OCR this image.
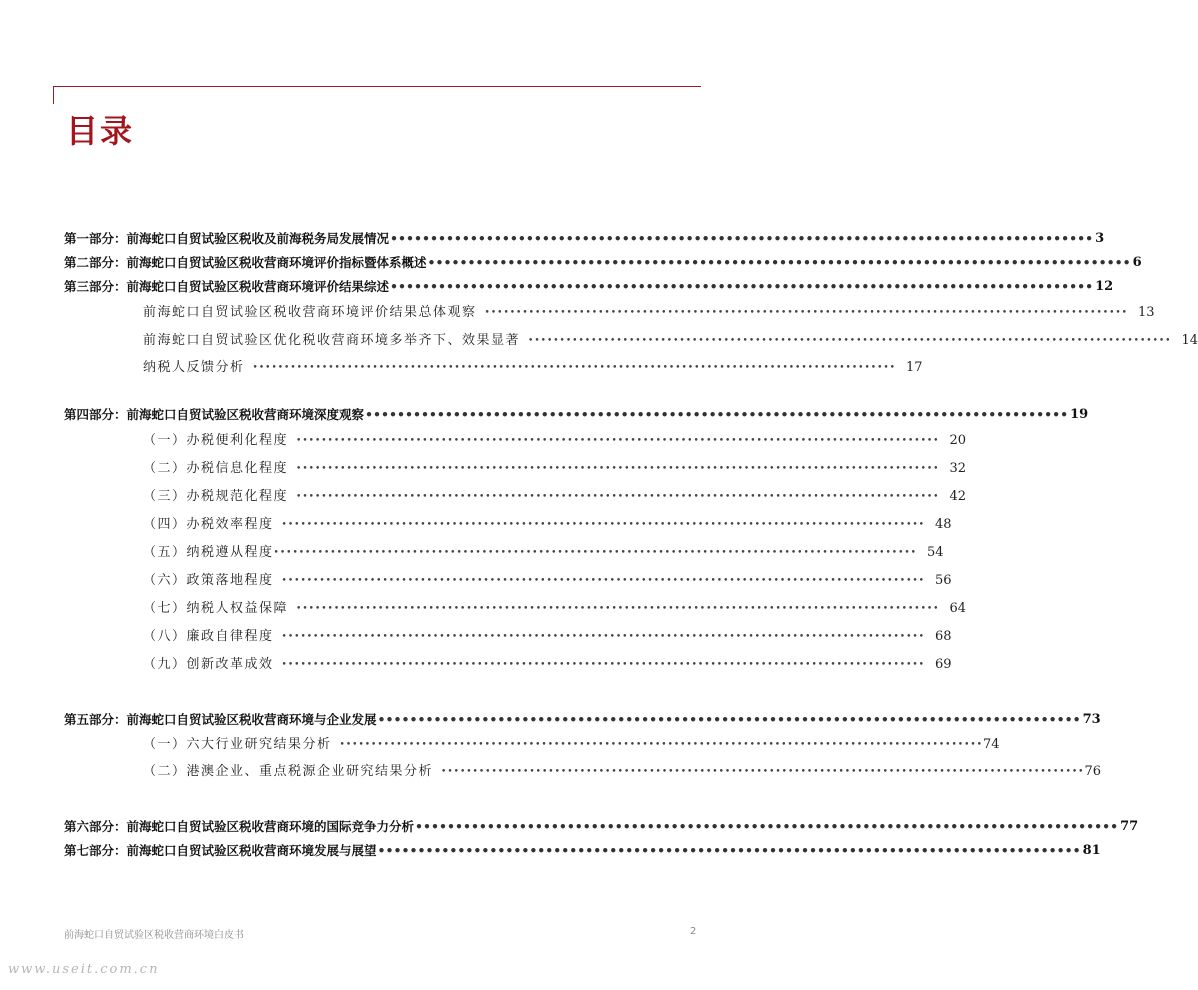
目录
第一部分：前海蛇口自贸试验区税收及前海税务局发展情况 •••••••••••••••••••••••••••••••••••••••••••••••••••••••••••••••••••••••••••••••••••••••• 3
第二部分：前海蛇口自贸试验区税收营商环境评价指标暨体系概述 •••••••••••••••••••••••••••••••••••••••••••••••••••••••••••••••••••••••••••••••••••••••• 6
第三部分：前海蛇口自贸试验区税收营商环境评价结果综述 •••••••••••••••••••••••••••••••••••••••••••••••••••••••••••••••••••••••••••••••••••••••• 12
前海蛇口自贸试验区税收营商环境评价结果总体观察 •••••••••••••••••••••••••••••••••••••••••••••••••••••••••••••••••••••••••••••••••••••••••••••••••••••• 13
前海蛇口自贸试验区优化税收营商环境多举齐下、效果显著 •••••••••••••••••••••••••••••••••••••••••••••••••••••••••••••••••••••••••••••••••••••••••••••••••••••• 14
纳税人反馈分析 •••••••••••••••••••••••••••••••••••••••••••••••••••••••••••••••••••••••••••••••••••••••••••••••••••••• 17
第四部分：前海蛇口自贸试验区税收营商环境深度观察 •••••••••••••••••••••••••••••••••••••••••••••••••••••••••••••••••••••••••••••••••••••••• 19
（一）办税便利化程度 •••••••••••••••••••••••••••••••••••••••••••••••••••••••••••••••••••••••••••••••••••••••••••••••••••••• 20
（二）办税信息化程度 •••••••••••••••••••••••••••••••••••••••••••••••••••••••••••••••••••••••••••••••••••••••••••••••••••••• 32
（三）办税规范化程度 •••••••••••••••••••••••••••••••••••••••••••••••••••••••••••••••••••••••••••••••••••••••••••••••••••••• 42
（四）办税效率程度 •••••••••••••••••••••••••••••••••••••••••••••••••••••••••••••••••••••••••••••••••••••••••••••••••••••• 48
（五）纳税遵从程度 •••••••••••••••••••••••••••••••••••••••••••••••••••••••••••••••••••••••••••••••••••••••••••••••••••••• 54
（六）政策落地程度 •••••••••••••••••••••••••••••••••••••••••••••••••••••••••••••••••••••••••••••••••••••••••••••••••••••• 56
（七）纳税人权益保障 •••••••••••••••••••••••••••••••••••••••••••••••••••••••••••••••••••••••••••••••••••••••••••••••••••••• 64
（八）廉政自律程度 •••••••••••••••••••••••••••••••••••••••••••••••••••••••••••••••••••••••••••••••••••••••••••••••••••••• 68
（九）创新改革成效 •••••••••••••••••••••••••••••••••••••••••••••••••••••••••••••••••••••••••••••••••••••••••••••••••••••• 69
第五部分：前海蛇口自贸试验区税收营商环境与企业发展 •••••••••••••••••••••••••••••••••••••••••••••••••••••••••••••••••••••••••••••••••••••••• 73
（一）六大行业研究结果分析 •••••••••••••••••••••••••••••••••••••••••••••••••••••••••••••••••••••••••••••••••••••••••••••••••••••• 74
（二）港澳企业、重点税源企业研究结果分析 •••••••••••••••••••••••••••••••••••••••••••••••••••••••••••••••••••••••••••••••••••••••••••••••••••••• 76
第六部分：前海蛇口自贸试验区税收营商环境的国际竞争力分析 •••••••••••••••••••••••••••••••••••••••••••••••••••••••••••••••••••••••••••••••••••••••• 77
第七部分：前海蛇口自贸试验区税收营商环境发展与展望 •••••••••••••••••••••••••••••••••••••••••••••••••••••••••••••••••••••••••••••••••••••••• 81
前海蛇口自贸试验区税收营商环境白皮书	2
www.useit.com.cn
